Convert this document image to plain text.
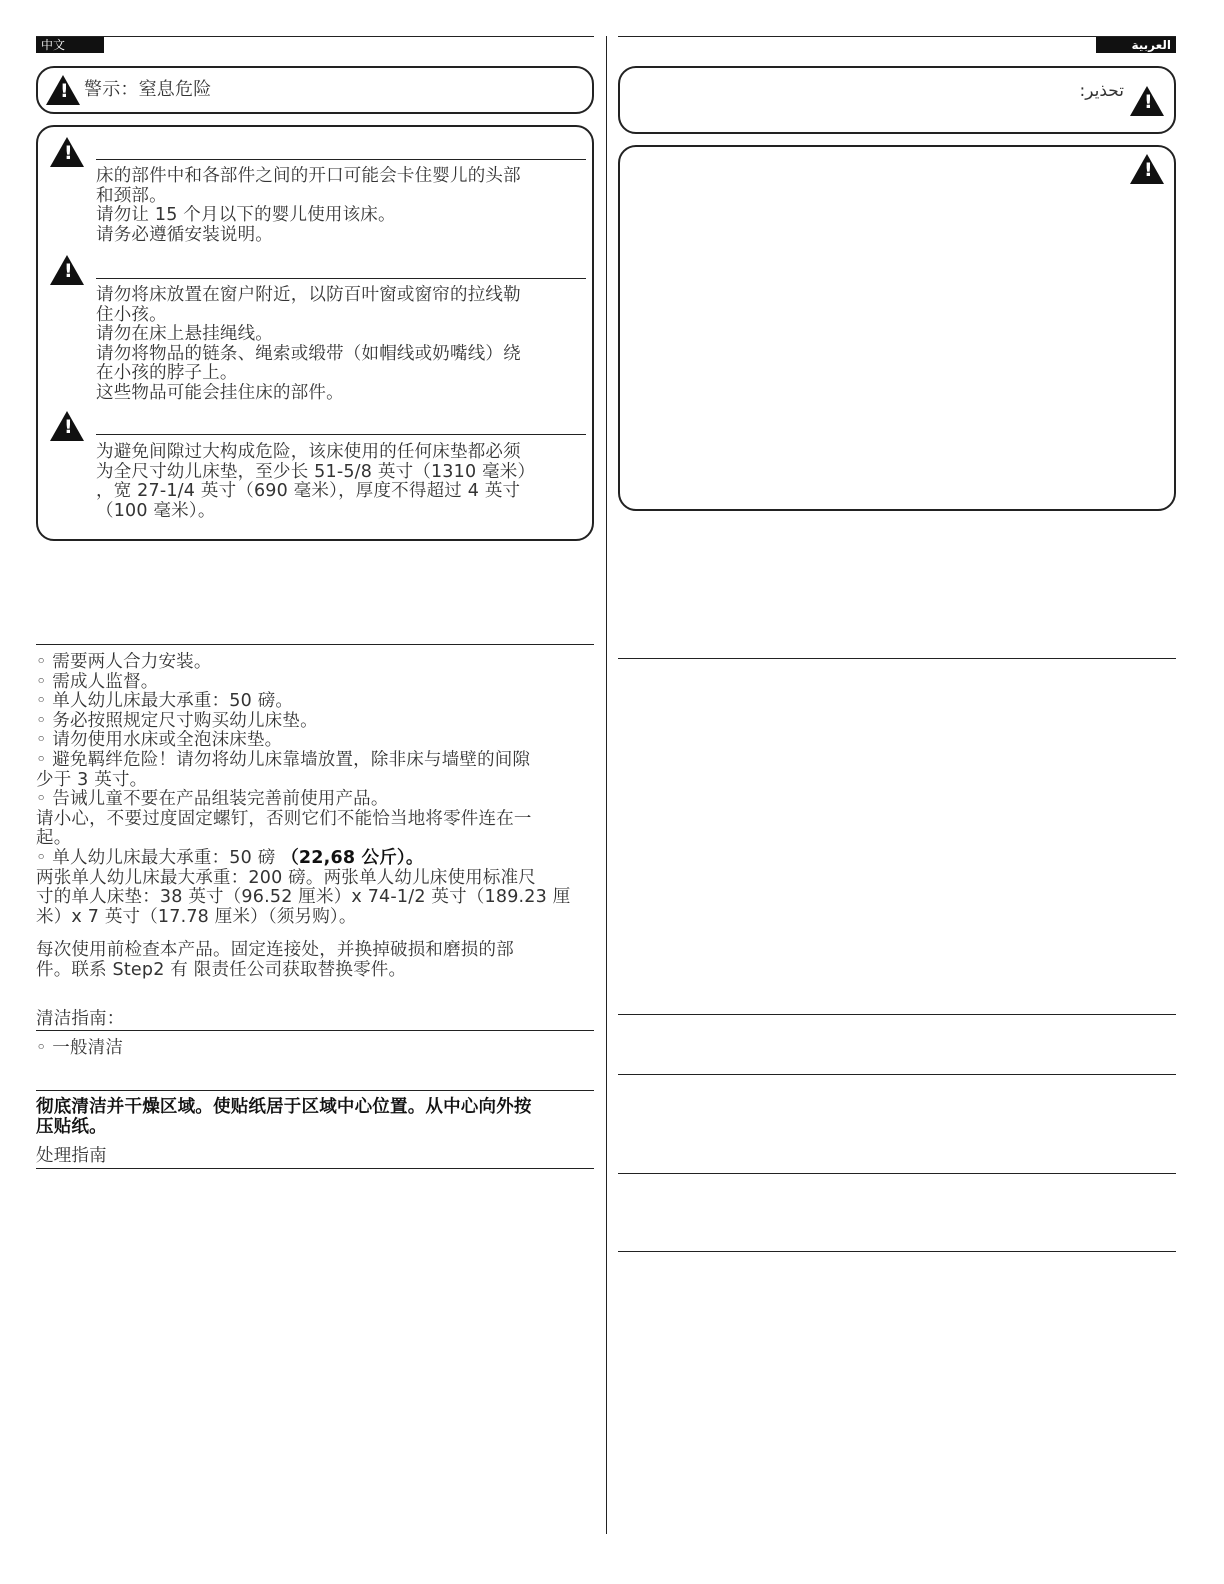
中文
! 警示：窒息危险
!
床的部件中和各部件之间的开口可能会卡住婴儿的头部
和颈部。
请勿让 15 个月以下的婴儿使用该床。
请务必遵循安装说明。
!
请勿将床放置在窗户附近，以防百叶窗或窗帘的拉线勒
住小孩。
请勿在床上悬挂绳线。
请勿将物品的链条、绳索或缎带（如帽线或奶嘴线）绕
在小孩的脖子上。
这些物品可能会挂住床的部件。
!
为避免间隙过大构成危险，该床使用的任何床垫都必须
为全尺寸幼儿床垫，至少长 51-5/8 英寸（1310 毫米）
，宽 27-1/4 英寸（690 毫米），厚度不得超过 4 英寸
（100 毫米）。
◦ 需要两人合力安装。
◦ 需成人监督。
◦ 单人幼儿床最大承重：50 磅。
◦ 务必按照规定尺寸购买幼儿床垫。
◦ 请勿使用水床或全泡沫床垫。
◦ 避免羁绊危险！请勿将幼儿床靠墙放置，除非床与墙壁的间隙
少于 3 英寸。
◦ 告诫儿童不要在产品组装完善前使用产品。
请小心，不要过度固定螺钉，否则它们不能恰当地将零件连在一
起。
◦ 单人幼儿床最大承重：50 磅 （22,68 公斤）。
两张单人幼儿床最大承重：200 磅。两张单人幼儿床使用标准尺
寸的单人床垫：38 英寸（96.52 厘米）x 74-1/2 英寸（189.23 厘
米）x 7 英寸（17.78 厘米）（须另购）。
每次使用前检查本产品。固定连接处，并换掉破损和磨损的部
件。联系 Step2 有 限责任公司获取替换零件。
清洁指南：
◦ 一般清洁
彻底清洁并干燥区域。使贴纸居于区域中心位置。从中心向外按
压贴纸。
处理指南
العربية
تحذير: !
!
